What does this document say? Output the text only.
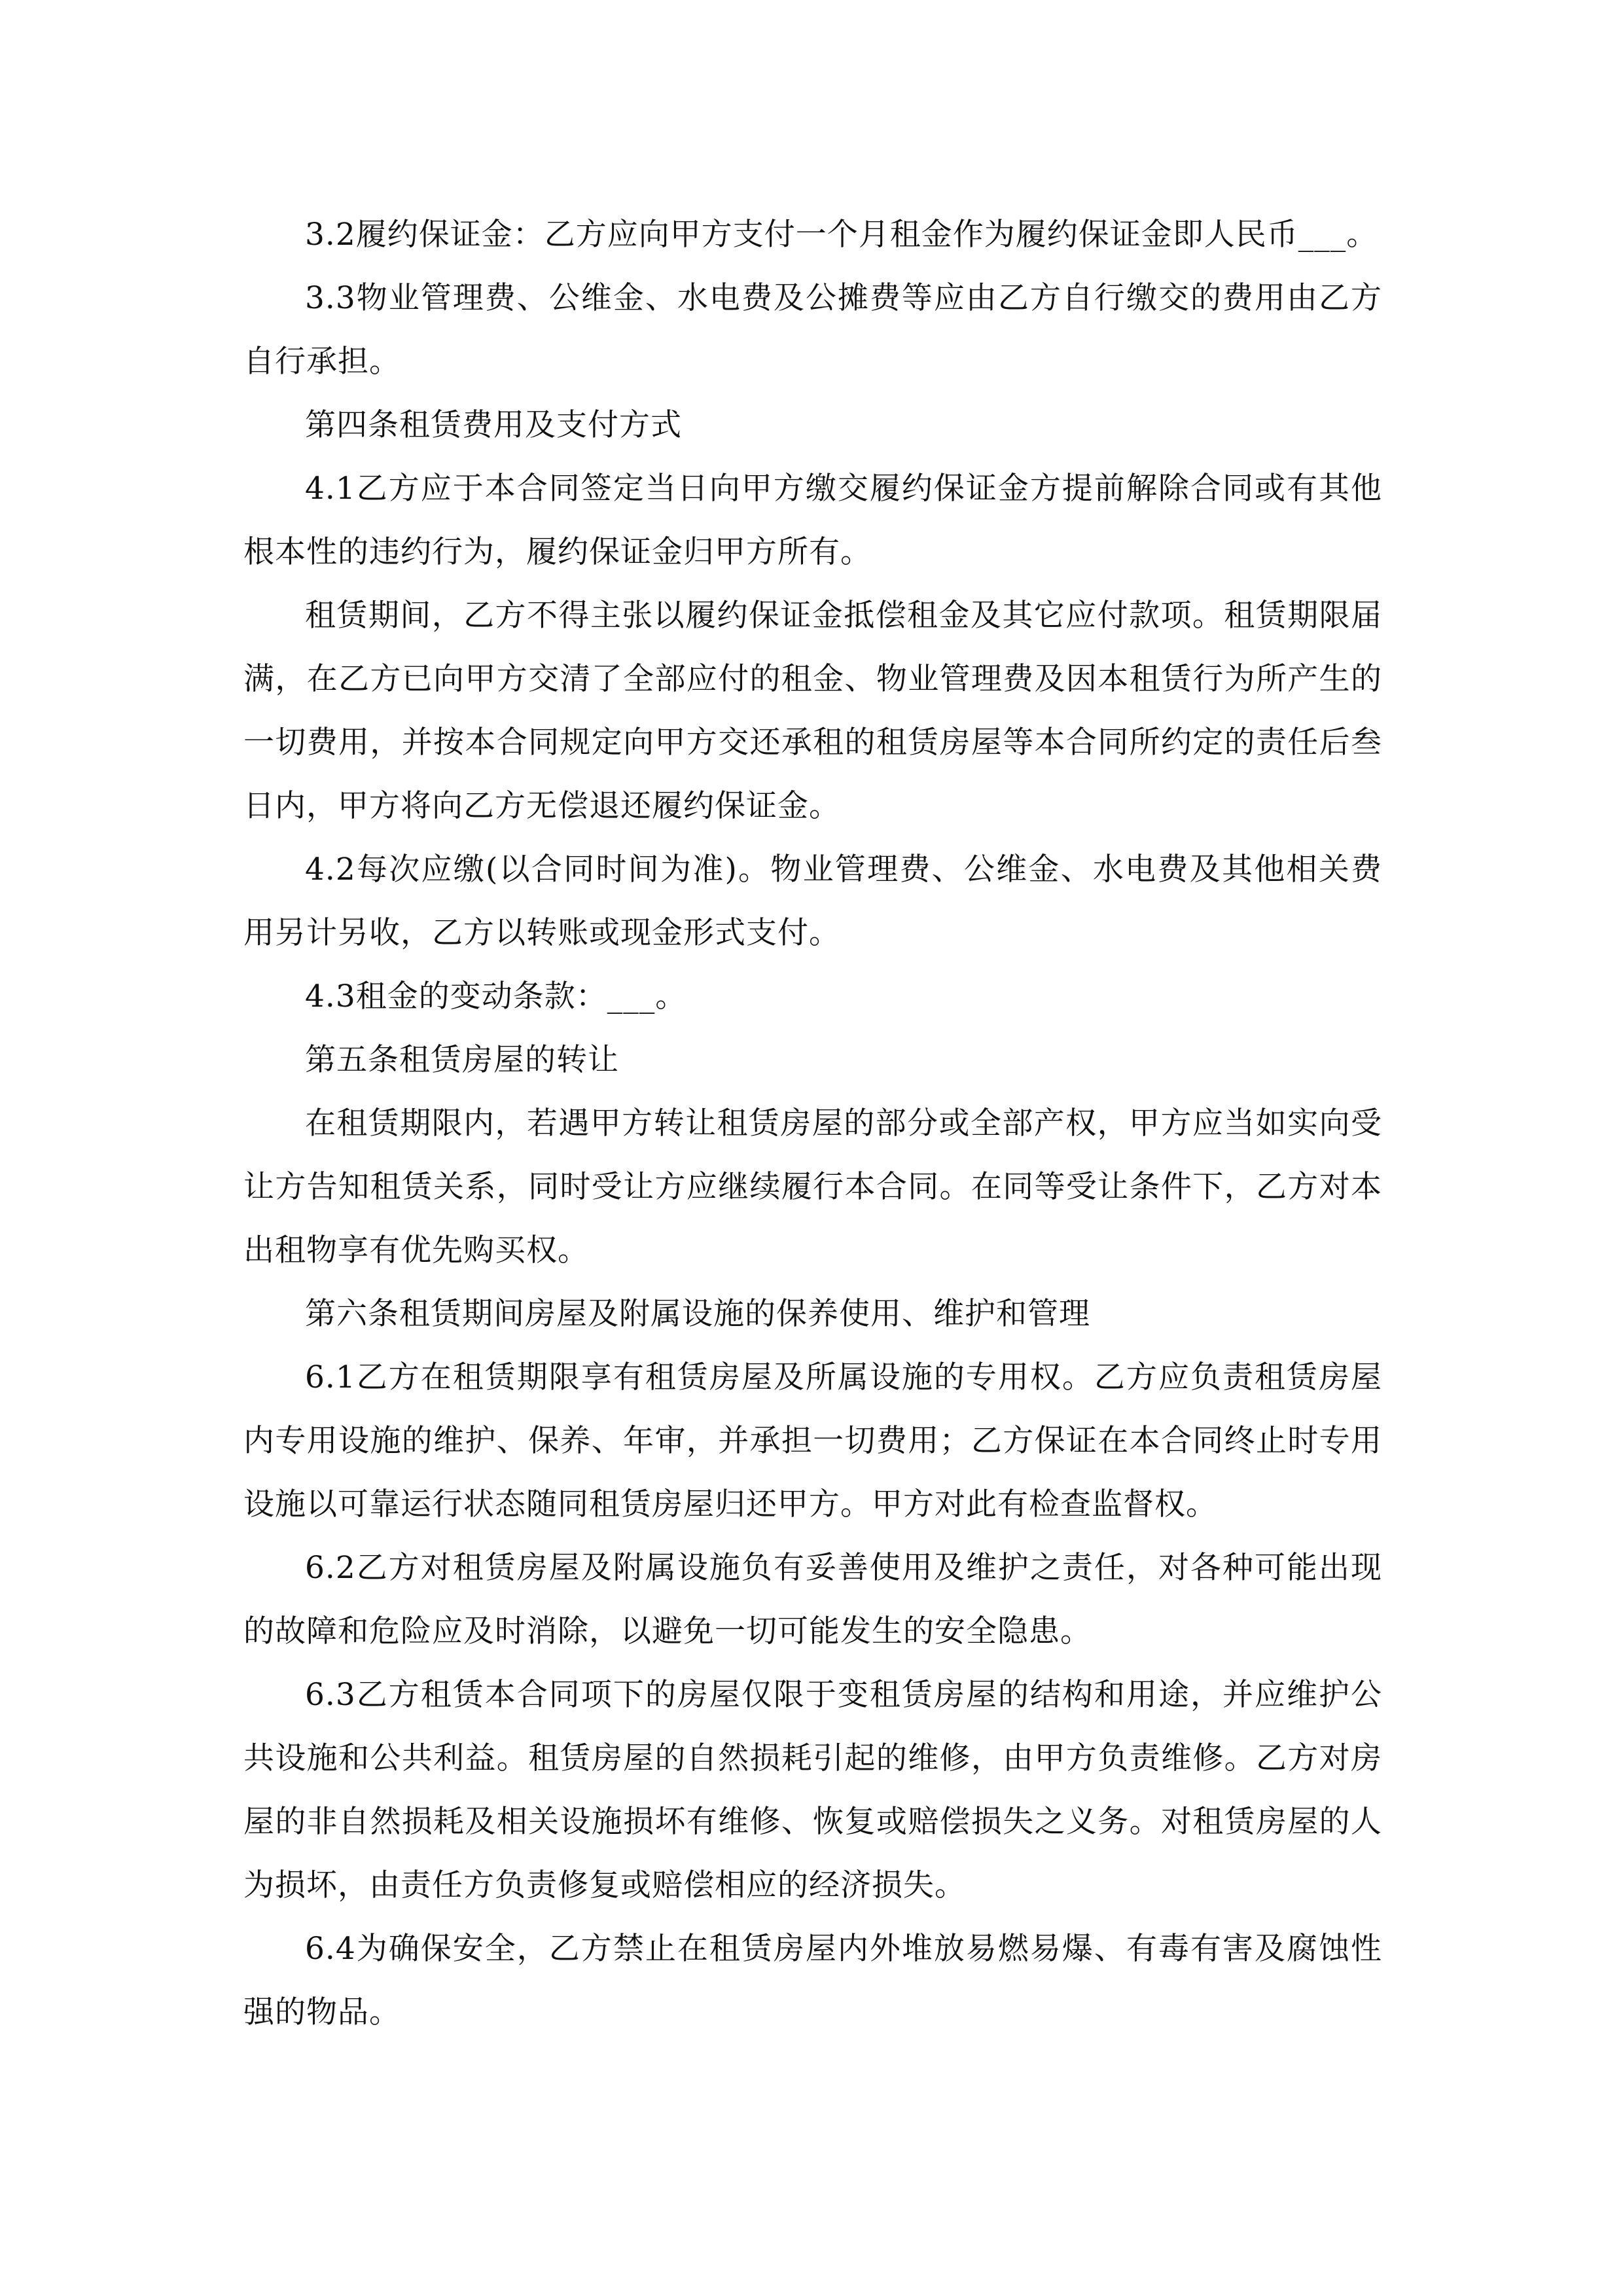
3.2履约保证金：乙方应向甲方支付一个月租金作为履约保证金即人民币___。

3.3物业管理费、公维金、水电费及公摊费等应由乙方自行缴交的费用由乙方自行承担。

第四条租赁费用及支付方式

4.1乙方应于本合同签定当日向甲方缴交履约保证金方提前解除合同或有其他根本性的违约行为，履约保证金归甲方所有。

租赁期间，乙方不得主张以履约保证金抵偿租金及其它应付款项。租赁期限届满，在乙方已向甲方交清了全部应付的租金、物业管理费及因本租赁行为所产生的一切费用，并按本合同规定向甲方交还承租的租赁房屋等本合同所约定的责任后叁日内，甲方将向乙方无偿退还履约保证金。

4.2每次应缴(以合同时间为准)。物业管理费、公维金、水电费及其他相关费用另计另收，乙方以转账或现金形式支付。

4.3租金的变动条款：___。

第五条租赁房屋的转让

在租赁期限内，若遇甲方转让租赁房屋的部分或全部产权，甲方应当如实向受让方告知租赁关系，同时受让方应继续履行本合同。在同等受让条件下，乙方对本出租物享有优先购买权。

第六条租赁期间房屋及附属设施的保养使用、维护和管理

6.1乙方在租赁期限享有租赁房屋及所属设施的专用权。乙方应负责租赁房屋内专用设施的维护、保养、年审，并承担一切费用；乙方保证在本合同终止时专用设施以可靠运行状态随同租赁房屋归还甲方。甲方对此有检查监督权。

6.2乙方对租赁房屋及附属设施负有妥善使用及维护之责任，对各种可能出现的故障和危险应及时消除，以避免一切可能发生的安全隐患。

6.3乙方租赁本合同项下的房屋仅限于变租赁房屋的结构和用途，并应维护公共设施和公共利益。租赁房屋的自然损耗引起的维修，由甲方负责维修。乙方对房屋的非自然损耗及相关设施损坏有维修、恢复或赔偿损失之义务。对租赁房屋的人为损坏，由责任方负责修复或赔偿相应的经济损失。

6.4为确保安全，乙方禁止在租赁房屋内外堆放易燃易爆、有毒有害及腐蚀性强的物品。
